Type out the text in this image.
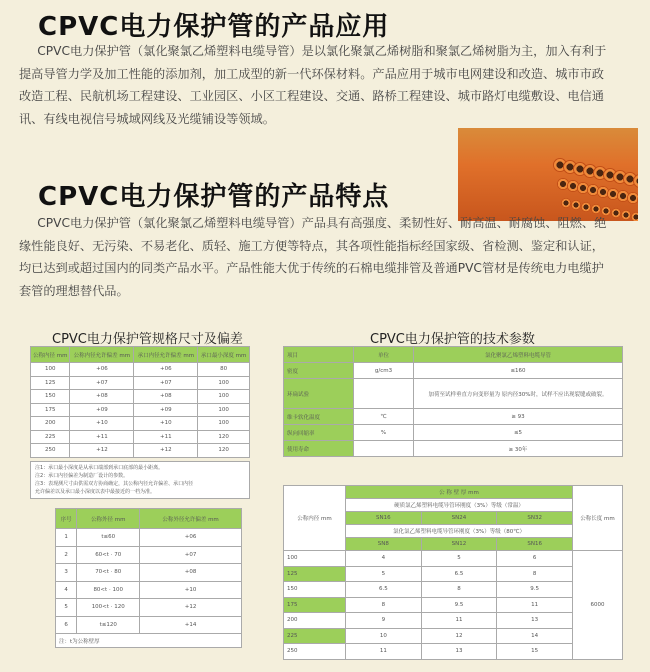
CPVC电力保护管的产品应用
CPVC电力保护管（氯化聚氯乙烯塑料电缆导管）是以氯化聚氯乙烯树脂和聚氯乙烯树脂为主，加入有利于
提高导管力学及加工性能的添加剂，加工成型的新一代环保材料。产品应用于城市电网建设和改造、城市市政
改造工程、民航机场工程建设、工业园区、小区工程建设、交通、路桥工程建设、城市路灯电缆敷设、电信通
讯、有线电视信号城域网线及光缆铺设等领域。
CPVC电力保护管的产品特点
CPVC电力保护管（氯化聚氯乙烯塑料电缆导管）产品具有高强度、柔韧性好、耐高温、耐腐蚀、阻燃、绝
缘性能良好、无污染、不易老化、质轻、施工方便等特点，其各项性能指标经国家级、省检测、鉴定和认证，
均已达到或超过国内的同类产品水平。产品性能大优于传统的石棉电缆排管及普通PVC管材是传统电力电缆护
套管的理想替代品。
CPVC电力保护管规格尺寸及偏差
公称内径 mm	公称内径允许偏差 mm	承口内径允许偏差 mm	承口最小深度 mm
100	+06	+06	80
125	+07	+07	100
150	+08	+08	100
175	+09	+09	100
200	+10	+10	100
225	+11	+11	120
250	+12	+12	120
注1：承口最小深度是从承口端部到承口底部的最小距离。
注2：承口内径偏差为制造厂设计的参数。
注3：表现测尺寸由供需双方协商确定，其公称内径允许偏差、承口内径
允许偏差以及承口最小深度以表中最接近的一档为准。
CPVC电力保护管的技术参数
项目	单位	氯化聚氯乙烯塑料电缆导管
密度	g/cm3	≤160
环扁试验		加荷至试样垂直方向变形量为 原内径30%时，试样不应出现裂缝或破裂。
维卡软化温度	℃	≥ 93
纵向回缩率	%	≤5
使用寿命		≥ 30年
序号	公称外径 mm	公称外径允许偏差 mm
1	t≤60	+06
2	60<t · 70	+07
3	70<t · 80	+08
4	80<t · 100	+10
5	100<t · 120	+12
6	t≤120	+14
注：t为公称壁厚		
公称内径 mm	公 称 壁 厚 mm			公称长度 mm
	硬质氯乙烯塑料电缆导管环刚度（3%）等级（常温）			
	SN16	SN24	SN32	
	氯化氯乙烯塑料电缆导管环刚度（3%）等级（80℃）			
	SN8	SN12	SN16	
100	4	5	6	6000
125	5	6.5	8	
150	6.5	8	9.5	
175	8	9.5	11	
200	9	11	13	
225	10	12	14	
250	11	13	15	
